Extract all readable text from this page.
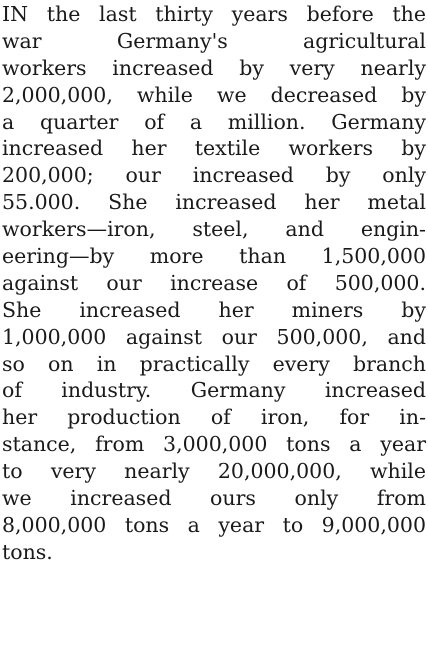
IN the last thirty years before the
war Germany's agricultural
workers increased by very nearly
2,000,000, while we decreased by
a quarter of a million. Germany
increased her textile workers by
200,000; our increased by only
55.000. She increased her metal
workers—iron, steel, and engin-
eering—by more than 1,500,000
against our increase of 500,000.
She increased her miners by
1,000,000 against our 500,000, and
so on in practically every branch
of industry. Germany increased
her production of iron, for in-
stance, from 3,000,000 tons a year
to very nearly 20,000,000, while
we increased ours only from
8,000,000 tons a year to 9,000,000
tons.
